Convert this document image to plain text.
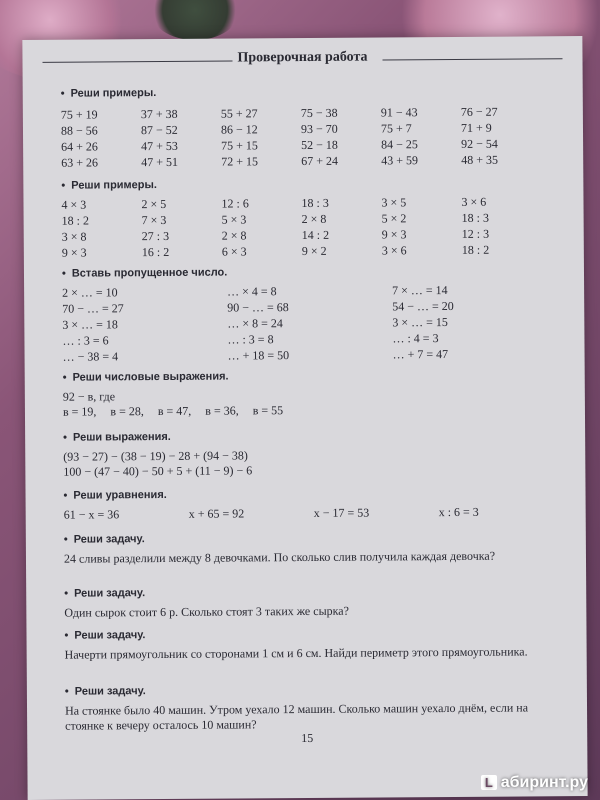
Проверочная работа
• Реши примеры.
75 + 19	37 + 38	55 + 27	75 − 38	91 − 43	76 − 27
88 − 56	87 − 52	86 − 12	93 − 70	75 + 7	71 + 9
64 + 26	47 + 53	75 + 15	52 − 18	84 − 25	92 − 54
63 + 26	47 + 51	72 + 15	67 + 24	43 + 59	48 + 35
• Реши примеры.
4 × 3	2 × 5	12 : 6	18 : 3	3 × 5	3 × 6
18 : 2	7 × 3	5 × 3	2 × 8	5 × 2	18 : 3
3 × 8	27 : 3	2 × 8	14 : 2	9 × 3	12 : 3
9 × 3	16 : 2	6 × 3	9 × 2	3 × 6	18 : 2
• Вставь пропущенное число.
2 × … = 10	… × 4 = 8	7 × … = 14
70 − … = 27	90 − … = 68	54 − … = 20
3 × … = 18	… × 8 = 24	3 × … = 15
… : 3 = 6	… : 3 = 8	… : 4 = 3
… − 38 = 4	… + 18 = 50	… + 7 = 47
• Реши числовые выражения.
92 − в, где
в = 19, в = 28, в = 47, в = 36, в = 55
• Реши выражения.
(93 − 27) − (38 − 19) − 28 + (94 − 38)
100 − (47 − 40) − 50 + 5 + (11 − 9) − 6
• Реши уравнения.
61 − x = 36	x + 65 = 92	x − 17 = 53	x : 6 = 3
• Реши задачу.
24 сливы разделили между 8 девочками. По сколько слив получила каждая девочка?
• Реши задачу.
Один сырок стоит 6 р. Сколько стоят 3 таких же сырка?
• Реши задачу.
Начерти прямоугольник со сторонами 1 см и 6 см. Найди периметр этого прямоугольника.
• Реши задачу.
На стоянке было 40 машин. Утром уехало 12 машин. Сколько машин уехало днём, если на стоянке к вечеру осталось 10 машин?
15
L абиринт.ру
